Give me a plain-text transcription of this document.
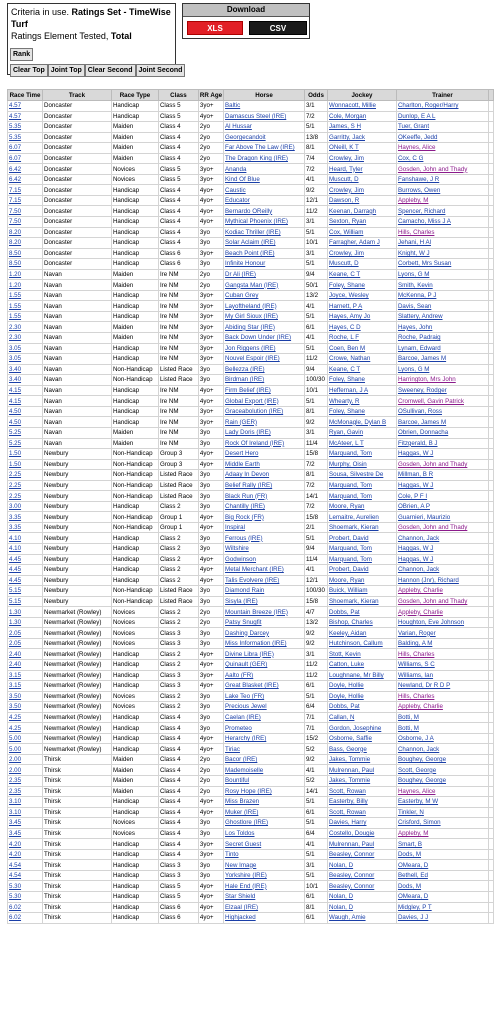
Criteria in use. Ratings Set - TimeWise Turf
Ratings Element Tested, Total
Rank
Clear Top Joint Top Clear Second Joint Second
Download
XLS	CSV
Race Time	Track	Race Type	Class	RR Age	Horse	Odds	Jockey	Trainer	
4.57	Doncaster	Handicap	Class 5	3yo+	Baltic	3/1	Wonnacott, Millie	Charlton, Roger/Harry	
4.57	Doncaster	Handicap	Class 5	4yo+	Damascus Steel (IRE)	7/2	Cole, Morgan	Dunlop, E A L	
5.35	Doncaster	Maiden	Class 4	2yo	Al Hussar	5/1	James, S H	Tuer, Grant	
5.35	Doncaster	Maiden	Class 4	2yo	Georgecandoit	13/8	Garritty, Jack	OKeeffe, Jedd	
6.07	Doncaster	Maiden	Class 4	2yo	Far Above The Law (IRE)	8/1	ONeill, K T	Haynes, Alice	
6.07	Doncaster	Maiden	Class 4	2yo	The Dragon King (IRE)	7/4	Crowley, Jim	Cox, C G	
6.42	Doncaster	Novices	Class 5	3yo+	Ananda	7/2	Heard, Tyler	Gosden, John and Thady	
6.42	Doncaster	Novices	Class 5	3yo+	Kind Of Blue	4/1	Muscutt, D	Fanshawe, J R	
7.15	Doncaster	Handicap	Class 4	4yo+	Caustic	9/2	Crowley, Jim	Burrows, Owen	
7.15	Doncaster	Handicap	Class 4	4yo+	Educator	12/1	Dawson, R	Appleby, M	
7.50	Doncaster	Handicap	Class 4	4yo+	Bernardo OReilly	11/2	Keenan, Darragh	Spencer, Richard	
7.50	Doncaster	Handicap	Class 4	4yo+	Mythical Phoenix (IRE)	3/1	Sexton, Ryan	Camacho, Miss J A	
8.20	Doncaster	Handicap	Class 4	3yo	Kodiac Thriller (IRE)	5/1	Cox, William	Hills, Charles	
8.20	Doncaster	Handicap	Class 4	3yo	Solar Aclaim (IRE)	10/1	Farragher, Adam J	Jehani, H Al	
8.50	Doncaster	Handicap	Class 6	3yo+	Beach Point (IRE)	3/1	Crowley, Jim	Knight, W J	
8.50	Doncaster	Handicap	Class 6	3yo	Infinite Honour	5/1	Muscutt, D	Corbett, Mrs Susan	
1.20	Navan	Maiden	Ire NM	2yo	Dr Ali (IRE)	9/4	Keane, C T	Lyons, G M	
1.20	Navan	Maiden	Ire NM	2yo	Gangsta Man (IRE)	50/1	Foley, Shane	Smith, Kevin	
1.55	Navan	Handicap	Ire NM	3yo+	Cuban Grey	13/2	Joyce, Wesley	McKenna, P J	
1.55	Navan	Handicap	Ire NM	3yo+	Layoftheland (IRE)	4/1	Harnett, P A	Davis, Sean	
1.55	Navan	Handicap	Ire NM	3yo+	My Girl Sioux (IRE)	5/1	Hayes, Amy Jo	Slattery, Andrew	
2.30	Navan	Maiden	Ire NM	3yo+	Abiding Star (IRE)	6/1	Hayes, C D	Hayes, John	
2.30	Navan	Maiden	Ire NM	3yo+	Back Down Under (IRE)	4/1	Roche, L F	Roche, Padraig	
3.05	Navan	Handicap	Ire NM	3yo+	Jon Riggens (IRE)	5/1	Coen, Ben M	Lynam, Edward	
3.05	Navan	Handicap	Ire NM	3yo+	Nouvel Espoir (IRE)	11/2	Crowe, Nathan	Barcoe, James M	
3.40	Navan	Non-Handicap	Listed Race	3yo	Bellezza (IRE)	9/4	Keane, C T	Lyons, G M	
3.40	Navan	Non-Handicap	Listed Race	3yo	Birdman (IRE)	100/30	Foley, Shane	Harrington, Mrs John	
4.15	Navan	Handicap	Ire NM	4yo+	Firm Belief (IRE)	10/1	Heffernan, J A	Sweeney, Rodger	
4.15	Navan	Handicap	Ire NM	4yo+	Global Export (IRE)	5/1	Whearty, R	Cromwell, Gavin Patrick	
4.50	Navan	Handicap	Ire NM	3yo+	Graceabolution (IRE)	8/1	Foley, Shane	OSullivan, Ross	
4.50	Navan	Handicap	Ire NM	3yo+	Rain (GER)	9/2	McMonagle, Dylan B	Barcoe, James M	
5.25	Navan	Maiden	Ire NM	3yo	Lady Doris (IRE)	3/1	Ryan, Gavin	Obrien, Donnacha	
5.25	Navan	Maiden	Ire NM	3yo	Rock Of Ireland (IRE)	11/4	McAteer, L T	Fitzgerald, B J	
1.50	Newbury	Non-Handicap	Group 3	4yo+	Desert Hero	15/8	Marquand, Tom	Haggas, W J	
1.50	Newbury	Non-Handicap	Group 3	4yo+	Middle Earth	7/2	Murphy, Oisin	Gosden, John and Thady	
2.25	Newbury	Non-Handicap	Listed Race	3yo	Adaay In Devon	8/1	Sousa, Silvestre De	Millman, B R	
2.25	Newbury	Non-Handicap	Listed Race	3yo	Belief Rally (IRE)	7/2	Marquand, Tom	Haggas, W J	
2.25	Newbury	Non-Handicap	Listed Race	3yo	Black Run (FR)	14/1	Marquand, Tom	Cole, P F I	
3.00	Newbury	Handicap	Class 2	3yo	Chantilly (IRE)	7/2	Moore, Ryan	OBrien, A P	
3.35	Newbury	Non-Handicap	Group 1	4yo+	Big Rock (FR)	15/8	Lemaitre, Aurelien	Guarnieri, Maurizio	
3.35	Newbury	Non-Handicap	Group 1	4yo+	Inspiral	2/1	Shoemark, Kieran	Gosden, John and Thady	
4.10	Newbury	Handicap	Class 2	3yo	Ferrous (IRE)	5/1	Probert, David	Channon, Jack	
4.10	Newbury	Handicap	Class 2	3yo	Wiltshire	9/4	Marquand, Tom	Haggas, W J	
4.45	Newbury	Handicap	Class 2	4yo+	Godwinson	11/4	Marquand, Tom	Haggas, W J	
4.45	Newbury	Handicap	Class 2	4yo+	Metal Merchant (IRE)	4/1	Probert, David	Channon, Jack	
4.45	Newbury	Handicap	Class 2	4yo+	Talis Evolvere (IRE)	12/1	Moore, Ryan	Hannon (Jnr), Richard	
5.15	Newbury	Non-Handicap	Listed Race	3yo	Diamond Rain	100/30	Buick, William	Appleby, Charlie	
5.15	Newbury	Non-Handicap	Listed Race	3yo	Sisyla (IRE)	15/8	Shoemark, Kieran	Gosden, John and Thady	
1.30	Newmarket (Rowley)	Novices	Class 2	2yo	Mountain Breeze (IRE)	4/7	Dobbs, Pat	Appleby, Charlie	
1.30	Newmarket (Rowley)	Novices	Class 2	2yo	Patsy Snugfit	13/2	Bishop, Charles	Houghton, Eve Johnson	
2.05	Newmarket (Rowley)	Novices	Class 3	3yo	Dashing Darcey	9/2	Keeley, Aidan	Varian, Roger	
2.05	Newmarket (Rowley)	Novices	Class 3	3yo	Miss Information (IRE)	9/2	Hutchinson, Callum	Balding, A M	
2.40	Newmarket (Rowley)	Handicap	Class 2	4yo+	Divine Libra (IRE)	3/1	Stott, Kevin	Hills, Charles	
2.40	Newmarket (Rowley)	Handicap	Class 2	4yo+	Quinault (GER)	11/2	Catton, Luke	Williams, S C	
3.15	Newmarket (Rowley)	Handicap	Class 3	3yo+	Aalto (FR)	11/2	Loughnane, Mr Billy	Williams, Ian	
3.15	Newmarket (Rowley)	Handicap	Class 3	4yo+	Great Blasket (IRE)	6/1	Doyle, Hollie	Newland, Dr R D P	
3.50	Newmarket (Rowley)	Novices	Class 2	3yo	Lake Teo (FR)	5/1	Doyle, Hollie	Hills, Charles	
3.50	Newmarket (Rowley)	Novices	Class 2	3yo	Precious Jewel	6/4	Dobbs, Pat	Appleby, Charlie	
4.25	Newmarket (Rowley)	Handicap	Class 4	3yo	Caelan (IRE)	7/1	Callan, N	Botti, M	
4.25	Newmarket (Rowley)	Handicap	Class 4	3yo	Prometeo	7/1	Gordon, Josephine	Botti, M	
5.00	Newmarket (Rowley)	Handicap	Class 4	4yo+	Herarchy (IRE)	15/2	Osborne, Saffie	Osborne, J A	
5.00	Newmarket (Rowley)	Handicap	Class 4	4yo+	Tiriac	5/2	Bass, George	Channon, Jack	
2.00	Thirsk	Maiden	Class 4	2yo	Bacor (IRE)	9/2	Jakes, Tommie	Boughey, George	
2.00	Thirsk	Maiden	Class 4	2yo	Mademoiselle	4/1	Mulrennan, Paul	Scott, George	
2.35	Thirsk	Maiden	Class 4	2yo	Bountiful	5/2	Jakes, Tommie	Boughey, George	
2.35	Thirsk	Maiden	Class 4	2yo	Rosy Hope (IRE)	14/1	Scott, Rowan	Haynes, Alice	
3.10	Thirsk	Handicap	Class 4	4yo+	Miss Brazen	5/1	Easterby, Billy	Easterby, M W	
3.10	Thirsk	Handicap	Class 4	4yo+	Muker (IRE)	6/1	Scott, Rowan	Tinkler, N	
3.45	Thirsk	Novices	Class 4	3yo	Ghostlore (IRE)	5/1	Davies, Harry	Crisford, Simon	
3.45	Thirsk	Novices	Class 4	3yo	Los Toldos	6/4	Costello, Dougie	Appleby, M	
4.20	Thirsk	Handicap	Class 4	3yo+	Secret Guest	4/1	Mulrennan, Paul	Smart, B	
4.20	Thirsk	Handicap	Class 4	3yo+	Tinto	5/1	Beasley, Connor	Dods, M	
4.54	Thirsk	Handicap	Class 3	3yo	New Image	3/1	Nolan, D	OMeara, D	
4.54	Thirsk	Handicap	Class 3	3yo	Yorkshire (IRE)	5/1	Beasley, Connor	Bethell, Ed	
5.30	Thirsk	Handicap	Class 5	4yo+	Hale End (IRE)	10/1	Beasley, Connor	Dods, M	
5.30	Thirsk	Handicap	Class 5	4yo+	Star Shield	6/1	Nolan, D	OMeara, D	
6.02	Thirsk	Handicap	Class 6	4yo+	Elzaal (IRE)	8/1	Nolan, D	Midgley, P T	
6.02	Thirsk	Handicap	Class 6	4yo+	Highjacked	6/1	Waugh, Amie	Davies, J J	
